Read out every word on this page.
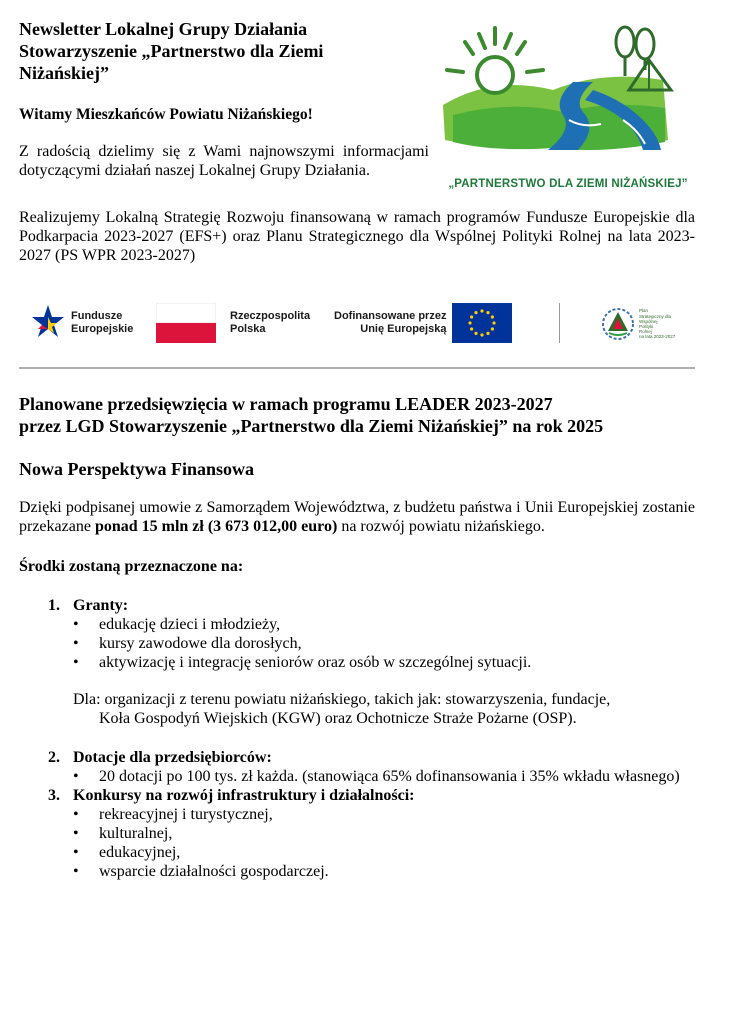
Newsletter Lokalnej Grupy Działania
Stowarzyszenie „Partnerstwo dla Ziemi
Niżańskiej”
Witamy Mieszkańców Powiatu Niżańskiego!

Z radością dzielimy się z Wami najnowszymi informacjami dotyczącymi działań naszej Lokalnej Grupy Działania.

„PARTNERSTWO DLA ZIEMI NIŻAŃSKIEJ”

Realizujemy Lokalną Strategię Rozwoju finansowaną w ramach programów Fundusze Europejskie dla Podkarpacia 2023-2027 (EFS+) oraz Planu Strategicznego dla Wspólnej Polityki Rolnej na lata 2023-2027 (PS WPR 2023-2027)

Fundusze
Europejskie
Rzeczpospolita
Polska
Dofinansowane przez
Unię Europejską
Plan
Strategiczny dla
Wspólnej
Polityki
Rolnej
na lata 2023-2027
Planowane przedsięwzięcia w ramach programu LEADER 2023-2027
przez LGD Stowarzyszenie „Partnerstwo dla Ziemi Niżańskiej” na rok 2025
Nowa Perspektywa Finansowa

Dzięki podpisanej umowie z Samorządem Województwa, z budżetu państwa i Unii Europejskiej zostanie przekazane ponad 15 mln zł (3 673 012,00 euro) na rozwój powiatu niżańskiego.

Środki zostaną przeznaczone na:
1. Granty:
• edukację dzieci i młodzieży,
• kursy zawodowe dla dorosłych,
• aktywizację i integrację seniorów oraz osób w szczególnej sytuacji.
Dla: organizacji z terenu powiatu niżańskiego, takich jak: stowarzyszenia, fundacje,
Koła Gospodyń Wiejskich (KGW) oraz Ochotnicze Straże Pożarne (OSP).
2. Dotacje dla przedsiębiorców:
• 20 dotacji po 100 tys. zł każda. (stanowiąca 65% dofinansowania i 35% wkładu własnego)
3. Konkursy na rozwój infrastruktury i działalności:
• rekreacyjnej i turystycznej,
• kulturalnej,
• edukacyjnej,
• wsparcie działalności gospodarczej.
